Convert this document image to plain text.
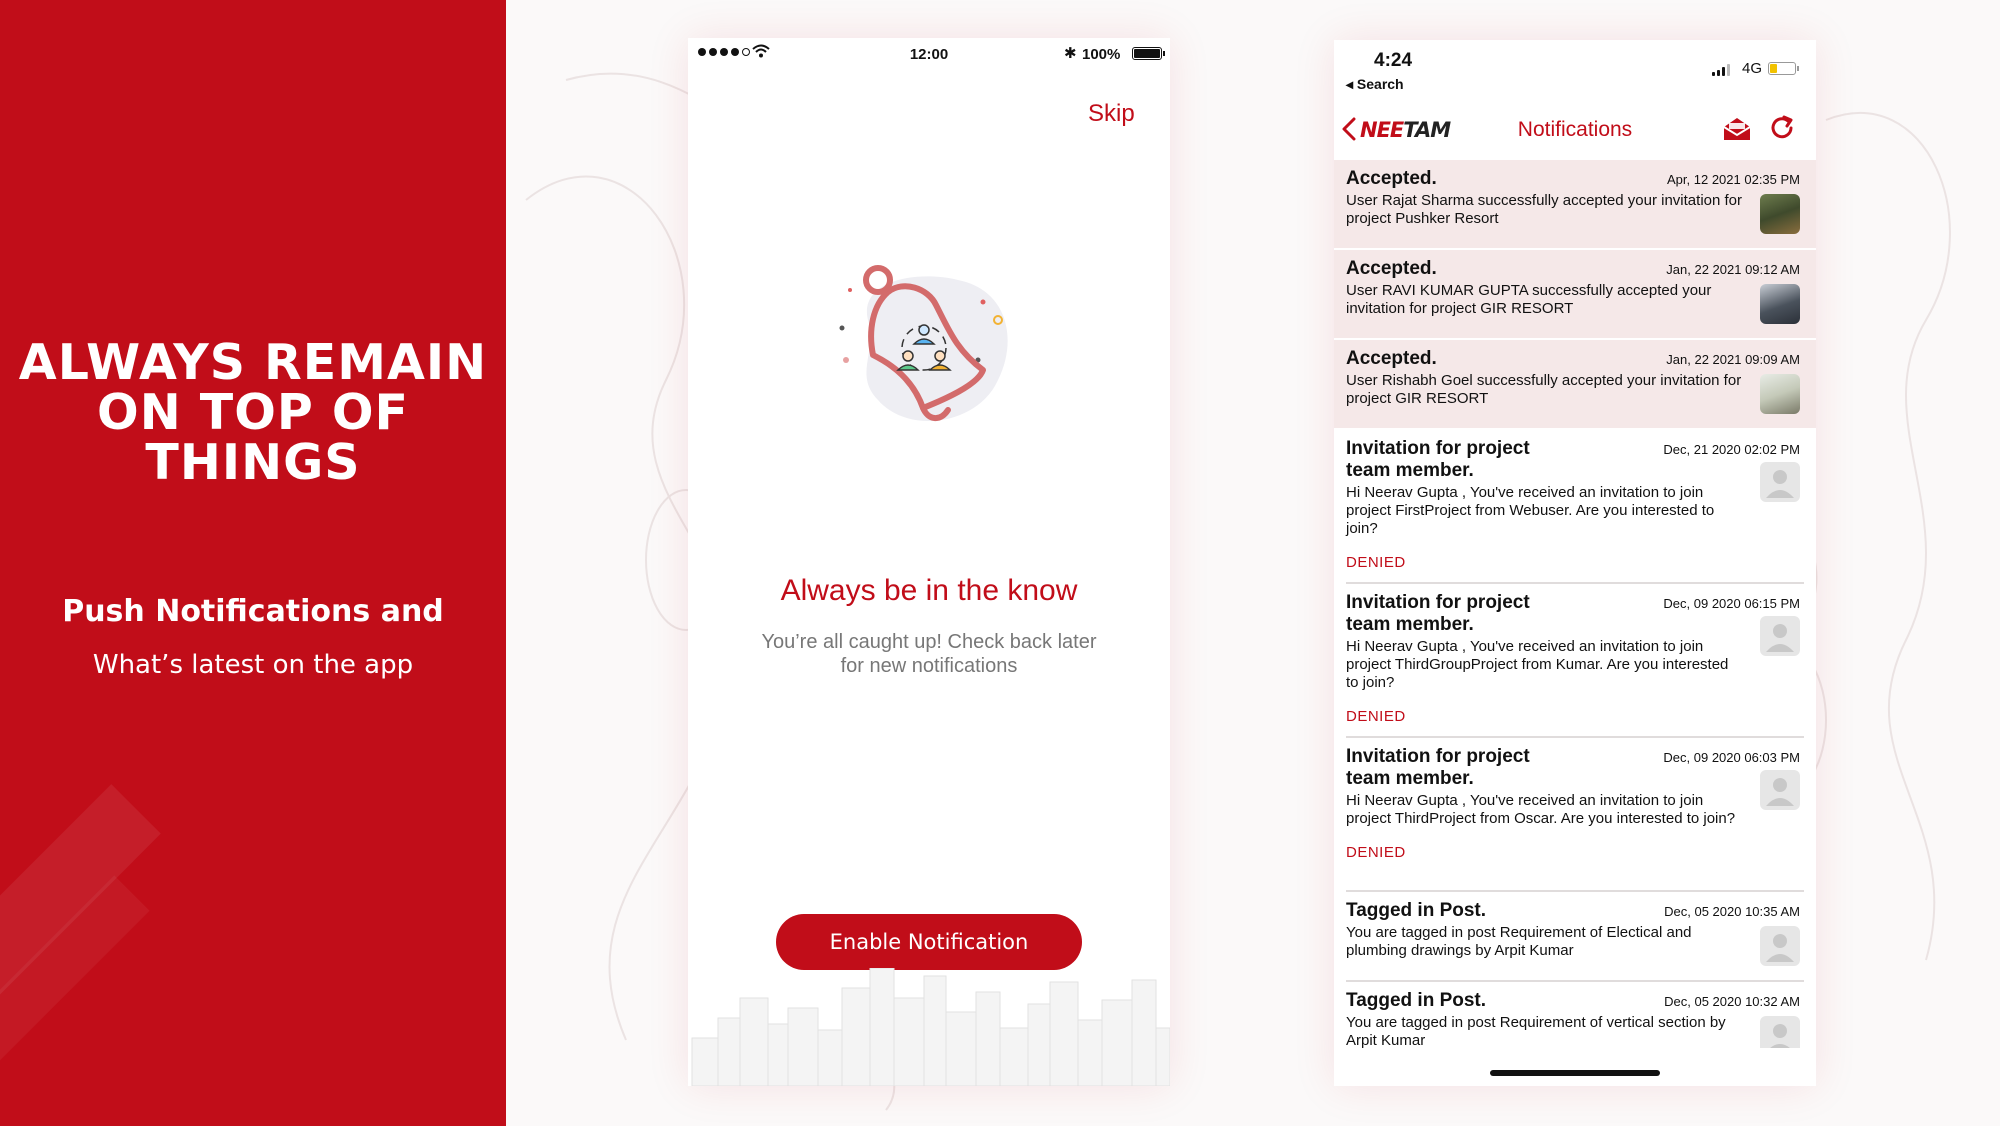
ALWAYS REMAIN
ON TOP OF
THINGS
Push Notifications and
What’s latest on the app
12:00	✱ 100%
Skip
Always be in the know
You’re all caught up! Check back later for new notifications
Enable Notification
4:24
◂ Search
4G
NEETAM	Notifications
Accepted.	Apr, 12 2021 02:35 PM
User Rajat Sharma successfully accepted your invitation for project Pushker Resort
Accepted.	Jan, 22 2021 09:12 AM
User RAVI KUMAR GUPTA successfully accepted your invitation for project GIR RESORT
Accepted.	Jan, 22 2021 09:09 AM
User Rishabh Goel successfully accepted your invitation for project GIR RESORT
Invitation for project team member.
Dec, 21 2020 02:02 PM
Hi Neerav Gupta , You've received an invitation to join project FirstProject from Webuser. Are you interested to join?
DENIED
Invitation for project team member.
Dec, 09 2020 06:15 PM
Hi Neerav Gupta , You've received an invitation to join project ThirdGroupProject from Kumar. Are you interested to join?
DENIED
Invitation for project team member.
Dec, 09 2020 06:03 PM
Hi Neerav Gupta , You've received an invitation to join project ThirdProject from Oscar. Are you interested to join?
DENIED
Tagged in Post.	Dec, 05 2020 10:35 AM
You are tagged in post Requirement of Electical and plumbing drawings by Arpit Kumar
Tagged in Post.	Dec, 05 2020 10:32 AM
You are tagged in post Requirement of vertical section by Arpit Kumar
